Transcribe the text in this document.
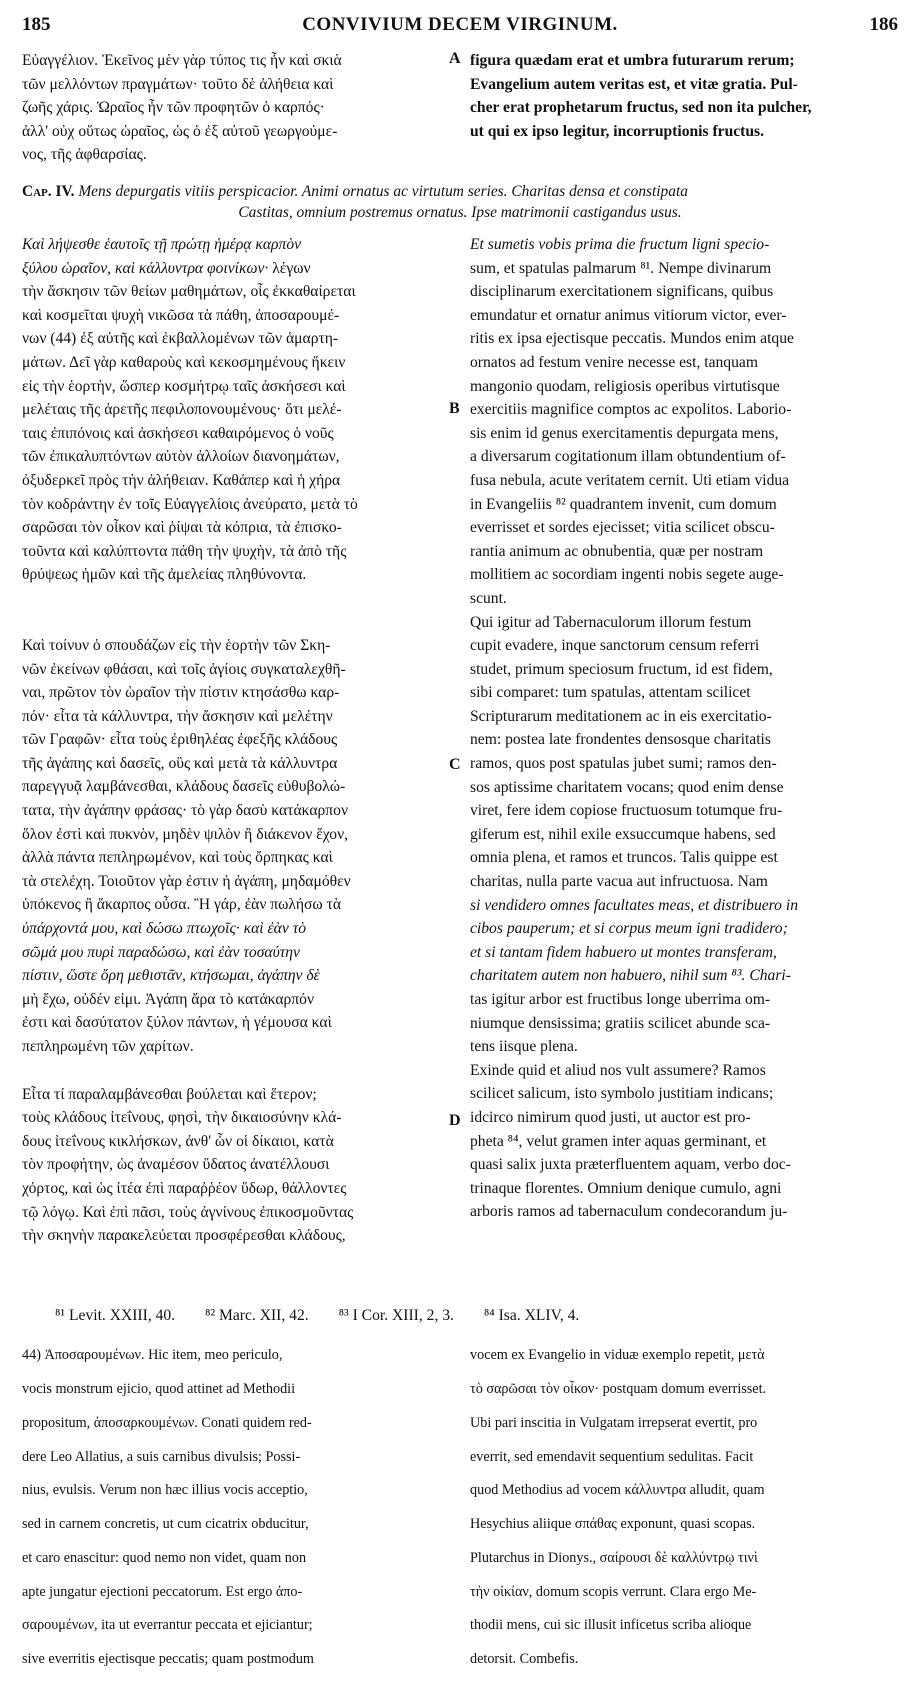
185	CONVIVIUM DECEM VIRGINUM.	186

Εὐαγγέλιον. Ἐκεῖνος μὲν γὰρ τύπος τις ἦν καὶ σκιὰ

τῶν μελλόντων πραγμάτων· τοῦτο δὲ ἀλήθεια καὶ

ζωῆς χάρις. Ὡραῖος ἦν τῶν προφητῶν ὁ καρπός·

ἀλλ' οὐχ οὕτως ὡραῖος, ὡς ὁ ἐξ αὐτοῦ γεωργούμε-

νος, τῆς ἀφθαρσίας.

figura quædam erat et umbra futurarum rerum;

Evangelium autem veritas est, et vitæ gratia. Pul-

cher erat prophetarum fructus, sed non ita pulcher,

ut qui ex ipso legitur, incorruptionis fructus.

Cap. IV. Mens depurgatis vitiis perspicacior. Animi ornatus ac virtutum series. Charitas densa et constipata
Castitas, omnium postremus ornatus. Ipse matrimonii castigandus usus.
A
B
C
D

Καὶ λήψεσθε ἑαυτοῖς τῇ πρώτῃ ἡμέρᾳ καρπὸν

ξύλου ὡραῖον, καὶ κάλλυντρα φοινίκων· λέγων

τὴν ἄσκησιν τῶν θείων μαθημάτων, οἷς ἐκκαθαίρεται

καὶ κοσμεῖται ψυχὴ νικῶσα τὰ πάθη, ἀποσαρουμέ-

νων (44) ἐξ αὐτῆς καὶ ἐκβαλλομένων τῶν ἁμαρτη-

μάτων. Δεῖ γὰρ καθαροὺς καὶ κεκοσμημένους ἥκειν

εἰς τὴν ἑορτὴν, ὥσπερ κοσμήτρῳ ταῖς ἀσκήσεσι καὶ

μελέταις τῆς ἀρετῆς πεφιλοπονουμένους· ὅτι μελέ-

ταις ἐπιπόνοις καὶ ἀσκήσεσι καθαιρόμενος ὁ νοῦς

τῶν ἐπικαλυπτόντων αὐτὸν ἀλλοίων διανοημάτων,

ὀξυδερκεῖ πρὸς τὴν ἀλήθειαν. Καθάπερ καὶ ἡ χήρα

τὸν κοδράντην ἐν τοῖς Εὐαγγελίοις ἀνεύρατο, μετὰ τὸ

σαρῶσαι τὸν οἶκον καὶ ῥίψαι τὰ κόπρια, τὰ ἐπισκο-

τοῦντα καὶ καλύπτοντα πάθη τὴν ψυχὴν, τὰ ἀπὸ τῆς

θρύψεως ἡμῶν καὶ τῆς ἀμελείας πληθύνοντα.

Καὶ τοίνυν ὁ σπουδάζων εἰς τὴν ἑορτὴν τῶν Σκη-

νῶν ἐκείνων φθάσαι, καὶ τοῖς ἁγίοις συγκαταλεχθῆ-

ναι, πρῶτον τὸν ὡραῖον τὴν πίστιν κτησάσθω καρ-

πόν· εἶτα τὰ κάλλυντρα, τὴν ἄσκησιν καὶ μελέτην

τῶν Γραφῶν· εἶτα τοὺς ἐριθηλέας ἐφεξῆς κλάδους

τῆς ἀγάπης καὶ δασεῖς, οὓς καὶ μετὰ τὰ κάλλυντρα

παρεγγυᾷ λαμβάνεσθαι, κλάδους δασεῖς εὐθυβολώ-

τατα, τὴν ἀγάπην φράσας· τὸ γὰρ δασὺ κατάκαρπον

ὅλον ἐστὶ καὶ πυκνὸν, μηδὲν ψιλὸν ἢ διάκενον ἔχον,

ἀλλὰ πάντα πεπληρωμένον, καὶ τοὺς ὄρπηκας καὶ

τὰ στελέχη. Τοιοῦτον γὰρ ἐστιν ἡ ἀγάπη, μηδαμόθεν

ὑπόκενος ἢ ἄκαρπος οὖσα. Ἢ γάρ, ἐὰν πωλήσω τὰ

ὑπάρχοντά μου, καὶ δώσω πτωχοῖς· καὶ ἐὰν τὸ

σῶμά μου πυρὶ παραδώσω, καὶ ἐὰν τοσαύτην

πίστιν, ὥστε ὄρη μεθιστᾶν, κτήσωμαι, ἀγάπην δὲ

μὴ ἔχω, οὐδέν εἰμι. Ἀγάπη ἄρα τὸ κατάκαρπόν

ἐστι καὶ δασύτατον ξύλον πάντων, ἡ γέμουσα καὶ

πεπληρωμένη τῶν χαρίτων.

Εἶτα τί παραλαμβάνεσθαι βούλεται καὶ ἕτερον;

τοὺς κλάδους ἰτεΐνους, φησὶ, τὴν δικαιοσύνην κλά-

δους ἰτεΐνους κικλήσκων, ἀνθ' ὧν οἱ δίκαιοι, κατὰ

τὸν προφήτην, ὡς ἀναμέσον ὕδατος ἀνατέλλουσι

χόρτος, καὶ ὡς ἰτέα ἐπὶ παραῤῥέον ὕδωρ, θάλλοντες

τῷ λόγῳ. Καὶ ἐπὶ πᾶσι, τοὺς ἀγνίνους ἐπικοσμοῦντας

τὴν σκηνὴν παρακελεύεται προσφέρεσθαι κλάδους,

Et sumetis vobis prima die fructum ligni specio-

sum, et spatulas palmarum ⁸¹. Nempe divinarum

disciplinarum exercitationem significans, quibus

emundatur et ornatur animus vitiorum victor, ever-

ritis ex ipsa ejectisque peccatis. Mundos enim atque

ornatos ad festum venire necesse est, tanquam

mangonio quodam, religiosis operibus virtutisque

exercitiis magnifice comptos ac expolitos. Laborio-

sis enim id genus exercitamentis depurgata mens,

a diversarum cogitationum illam obtundentium of-

fusa nebula, acute veritatem cernit. Uti etiam vidua

in Evangeliis ⁸² quadrantem invenit, cum domum

everrisset et sordes ejecisset; vitia scilicet obscu-

rantia animum ac obnubentia, quæ per nostram

mollitiem ac socordiam ingenti nobis segete auge-

scunt.

Qui igitur ad Tabernaculorum illorum festum

cupit evadere, inque sanctorum censum referri

studet, primum speciosum fructum, id est fidem,

sibi comparet: tum spatulas, attentam scilicet

Scripturarum meditationem ac in eis exercitatio-

nem: postea late frondentes densosque charitatis

ramos, quos post spatulas jubet sumi; ramos den-

sos aptissime charitatem vocans; quod enim dense

viret, fere idem copiose fructuosum totumque fru-

giferum est, nihil exile exsuccumque habens, sed

omnia plena, et ramos et truncos. Talis quippe est

charitas, nulla parte vacua aut infructuosa. Nam

si vendidero omnes facultates meas, et distribuero in

cibos pauperum; et si corpus meum igni tradidero;

et si tantam fidem habuero ut montes transferam,

charitatem autem non habuero, nihil sum ⁸³. Chari-

tas igitur arbor est fructibus longe uberrima om-

niumque densissima; gratiis scilicet abunde sca-

tens iisque plena.

Exinde quid et aliud nos vult assumere? Ramos

scilicet salicum, isto symbolo justitiam indicans;

idcirco nimirum quod justi, ut auctor est pro-

pheta ⁸⁴, velut gramen inter aquas germinant, et

quasi salix juxta præterfluentem aquam, verbo doc-

trinaque florentes. Omnium denique cumulo, agni

arboris ramos ad tabernaculum condecorandum ju-

⁸¹ Levit. XXIII, 40. ⁸² Marc. XII, 42. ⁸³ I Cor. XIII, 2, 3. ⁸⁴ Isa. XLIV, 4.

44) Ἀποσαρουμένων. Hic item, meo periculo,

vocis monstrum ejicio, quod attinet ad Methodii

propositum, ἀποσαρκουμένων. Conati quidem red-

dere Leo Allatius, a suis carnibus divulsis; Possi-

nius, evulsis. Verum non hæc illius vocis acceptio,

sed in carnem concretis, ut cum cicatrix obducitur,

et caro enascitur: quod nemo non videt, quam non

apte jungatur ejectioni peccatorum. Est ergo ἀπο-

σαρουμένων, ita ut everrantur peccata et ejiciantur;

sive everritis ejectisque peccatis; quam postmodum

vocem ex Evangelio in viduæ exemplo repetit, μετὰ

τὸ σαρῶσαι τὸν οἶκον· postquam domum everrisset.

Ubi pari inscitia in Vulgatam irrepserat evertit, pro

everrit, sed emendavit sequentium sedulitas. Facit

quod Methodius ad vocem κάλλυντρα alludit, quam

Hesychius aliique σπάθας exponunt, quasi scopas.

Plutarchus in Dionys., σαίρουσι δὲ καλλύντρῳ τινὶ

τὴν οἰκίαν, domum scopis verrunt. Clara ergo Me-

thodii mens, cui sic illusit inficetus scriba alioque

detorsit. Combefis.
